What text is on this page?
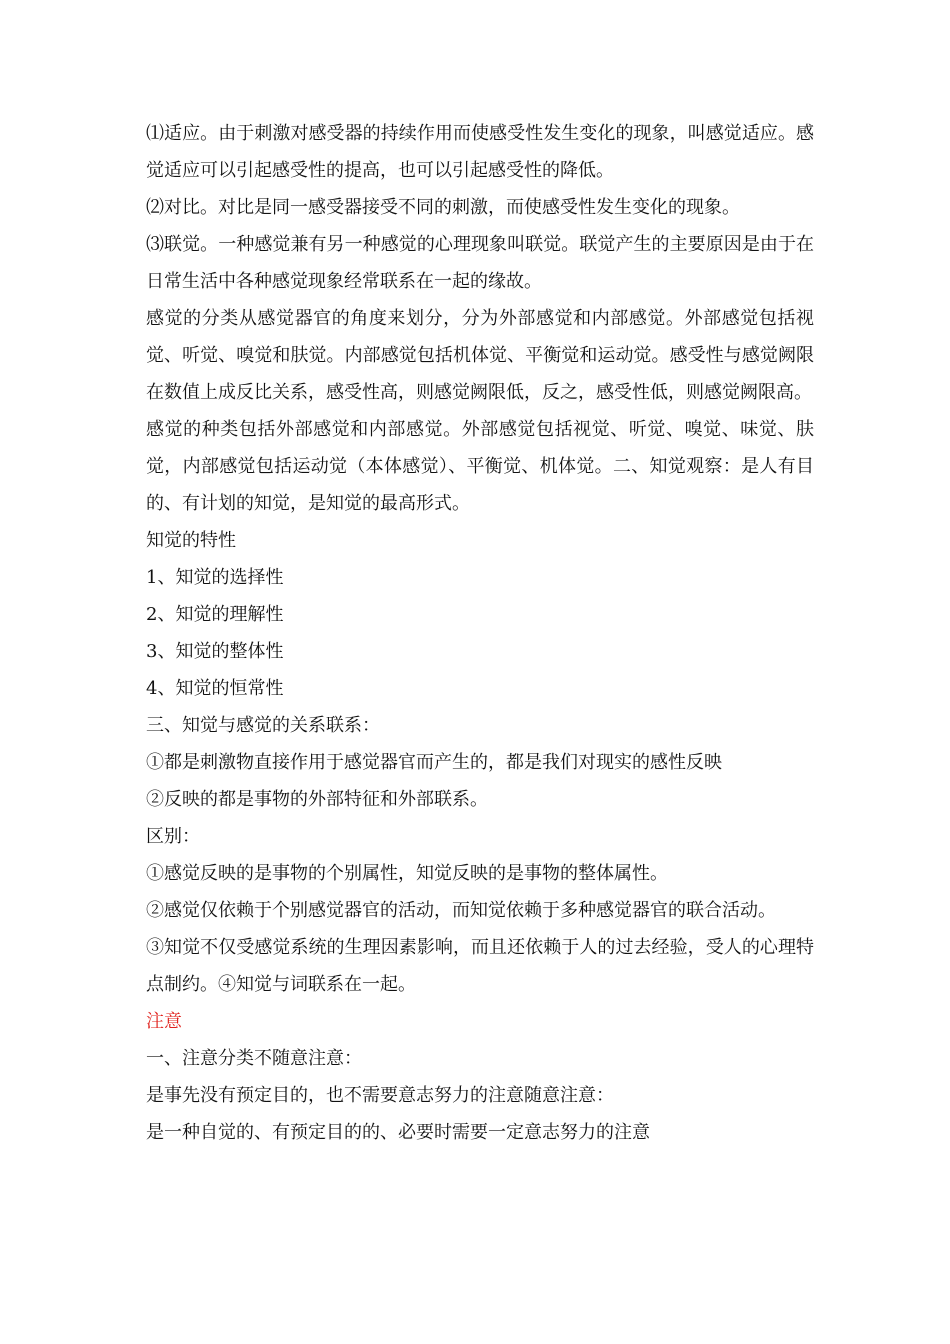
⑴适应。由于刺激对感受器的持续作用而使感受性发生变化的现象，叫感觉适应。感觉适应可以引起感受性的提高，也可以引起感受性的降低。

⑵对比。对比是同一感受器接受不同的刺激，而使感受性发生变化的现象。

⑶联觉。一种感觉兼有另一种感觉的心理现象叫联觉。联觉产生的主要原因是由于在日常生活中各种感觉现象经常联系在一起的缘故。

感觉的分类从感觉器官的角度来划分，分为外部感觉和内部感觉。外部感觉包括视觉、听觉、嗅觉和肤觉。内部感觉包括机体觉、平衡觉和运动觉。感受性与感觉阙限在数值上成反比关系，感受性高，则感觉阙限低，反之，感受性低，则感觉阙限高。

感觉的种类包括外部感觉和内部感觉。外部感觉包括视觉、听觉、嗅觉、味觉、肤觉，内部感觉包括运动觉（本体感觉）、平衡觉、机体觉。二、知觉观察：是人有目的、有计划的知觉，是知觉的最高形式。

知觉的特性

1、知觉的选择性

2、知觉的理解性

3、知觉的整体性

4、知觉的恒常性

三、知觉与感觉的关系联系：

①都是刺激物直接作用于感觉器官而产生的，都是我们对现实的感性反映

②反映的都是事物的外部特征和外部联系。

区别：

①感觉反映的是事物的个别属性，知觉反映的是事物的整体属性。

②感觉仅依赖于个别感觉器官的活动，而知觉依赖于多种感觉器官的联合活动。

③知觉不仅受感觉系统的生理因素影响，而且还依赖于人的过去经验，受人的心理特点制约。④知觉与词联系在一起。

注意

一、注意分类不随意注意：

是事先没有预定目的，也不需要意志努力的注意随意注意：

是一种自觉的、有预定目的的、必要时需要一定意志努力的注意
